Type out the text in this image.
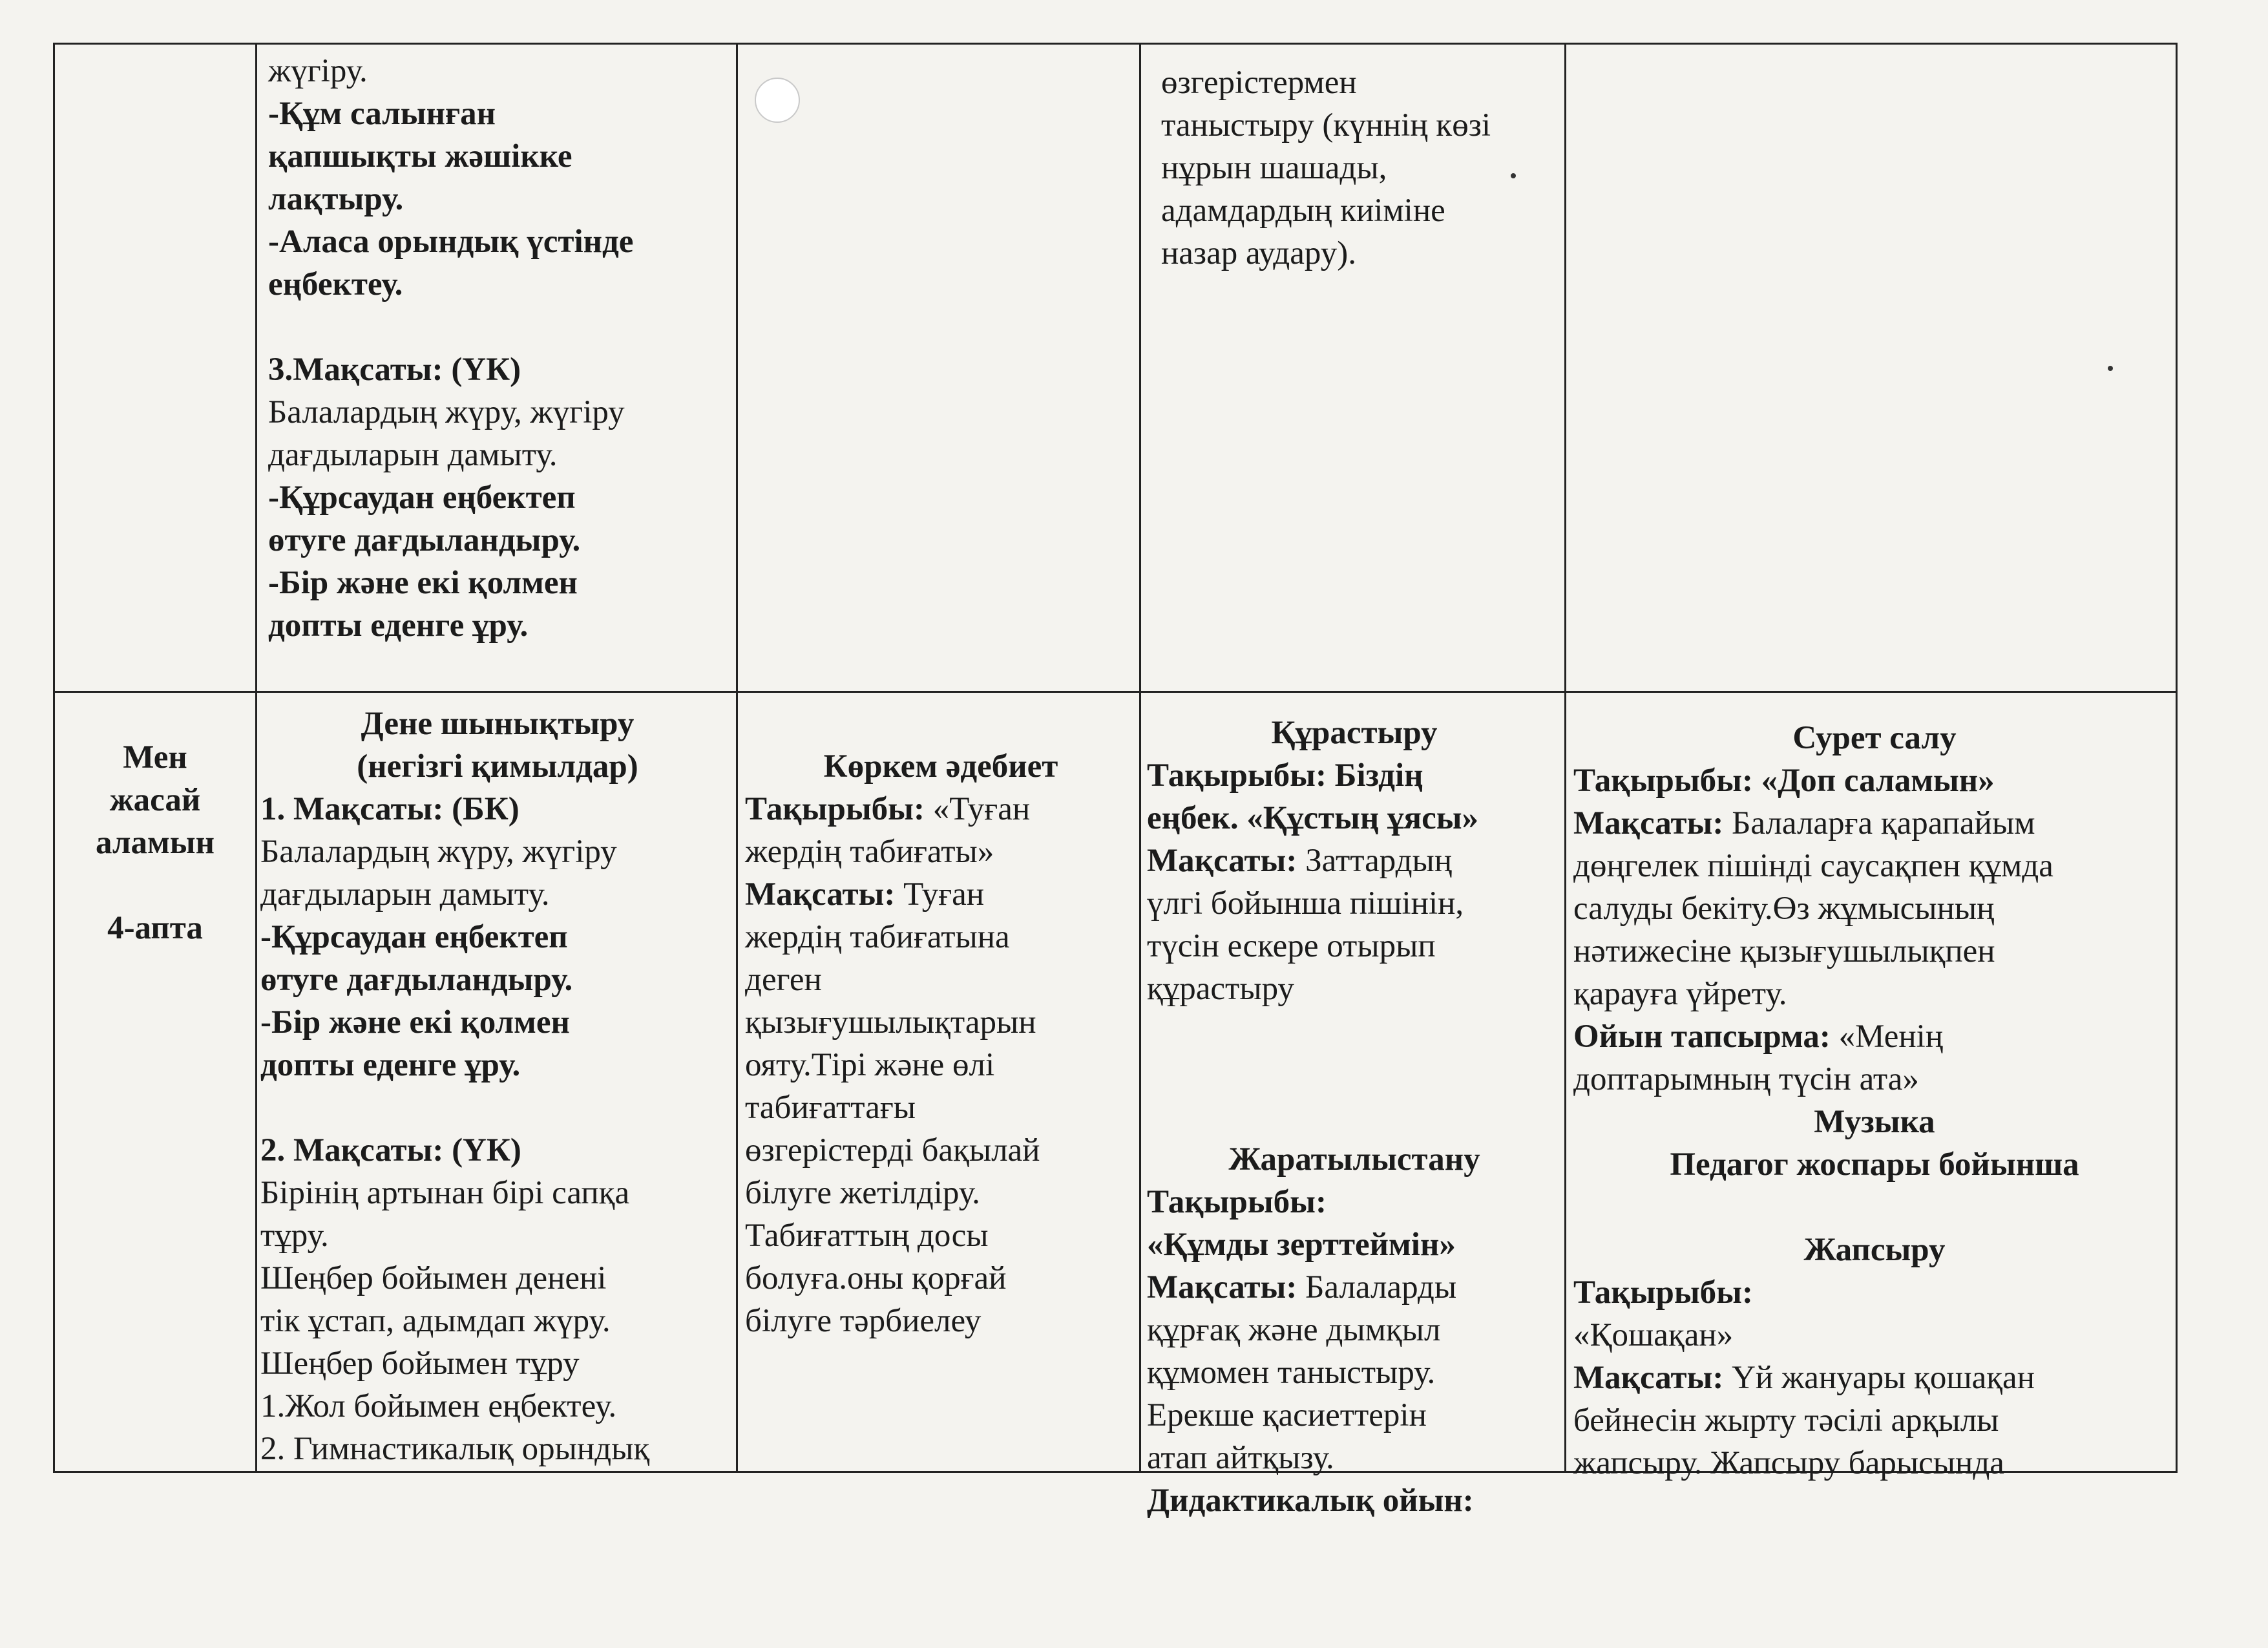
жүгіру.

-Құм салынған

қапшықты жәшікке

лақтыру.

-Аласа орындық үстінде

еңбектеу.

3.Мақсаты: (ҮК)

Балалардың жүру, жүгіру

дағдыларын дамыту.

-Құрсаудан еңбектеп

өтуге дағдыландыру.

-Бір және екі қолмен

допты еденге ұру.

өзгерістермен

таныстыру (күннің көзі

нұрын шашады,

адамдардың киіміне

назар аудару).

Мен

жасай

аламын

4-апта

Дене шынықтыру

(негізгі қимылдар)

1. Мақсаты: (БК)

Балалардың жүру, жүгіру

дағдыларын дамыту.

-Құрсаудан еңбектеп

өтуге дағдыландыру.

-Бір және екі қолмен

допты еденге ұру.

2. Мақсаты: (ҮК)

Бірінің артынан бірі сапқа

тұру.

Шеңбер бойымен денені

тік ұстап, адымдап жүру.

Шеңбер бойымен тұру

1.Жол бойымен еңбектеу.

2. Гимнастикалық орындық

Көркем әдебиет

Тақырыбы: «Туған

жердің табиғаты»

Мақсаты: Туған

жердің табиғатына

деген

қызығушылықтарын

ояту.Тірі және өлі

табиғаттағы

өзгерістерді бақылай

білуге жетілдіру.

Табиғаттың досы

болуға.оны қорғай

білуге тәрбиелеу

Құрастыру

Тақырыбы: Біздің

еңбек. «Құстың ұясы»

Мақсаты: Заттардың

үлгі бойынша пішінін,

түсін ескере отырып

құрастыру

Жаратылыстану

Тақырыбы:

«Құмды зерттеймін»

Мақсаты: Балаларды

құрғақ және дымқыл

құмомен таныстыру.

Ерекше қасиеттерін

атап айтқызу.

Дидактикалық ойын:

Сурет салу

Тақырыбы: «Доп саламын»

Мақсаты: Балаларға қарапайым

дөңгелек пішінді саусақпен құмда

салуды бекіту.Өз жұмысының

нәтижесіне қызығушылықпен

қарауға үйрету.

Ойын тапсырма: «Менің

доптарымның түсін ата»

Музыка

Педагог жоспары бойынша

Жапсыру

Тақырыбы:

«Қошақан»

Мақсаты: Үй жануары қошақан

бейнесін жырту тәсілі арқылы

жапсыру. Жапсыру барысында
